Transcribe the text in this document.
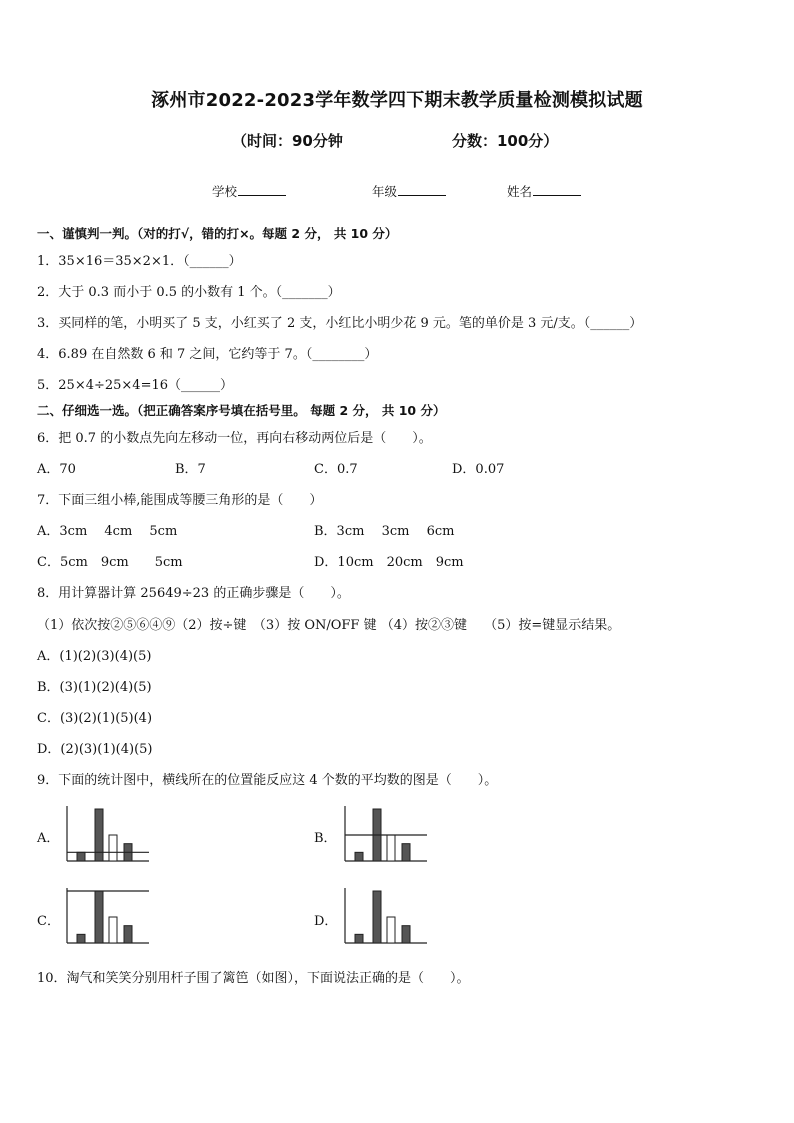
涿州市2022-2023学年数学四下期末教学质量检测模拟试题
（时间：90分钟	分数：100分）
学校	年级	姓名
一、谨慎判一判。（对的打√，错的打×。每题 2 分， 共 10 分）
1．35×16＝35×2×1．（______）
2．大于 0.3 而小于 0.5 的小数有 1 个。（_______）
3．买同样的笔，小明买了 5 支，小红买了 2 支，小红比小明少花 9 元。笔的单价是 3 元/支。（______）
4．6.89 在自然数 6 和 7 之间，它约等于 7。（________）
5．25×4÷25×4=16（______）
二、仔细选一选。（把正确答案序号填在括号里。 每题 2 分， 共 10 分）
6．把 0.7 的小数点先向左移动一位，再向右移动两位后是（　　）。
A．70	B．7	C．0.7	D．0.07
7．下面三组小棒,能围成等腰三角形的是（　　）
A．3cm　 4cm　 5cm	B．3cm　 3cm　 6cm
C．5cm　9cm　　5cm	D．10cm　20cm　9cm
8．用计算器计算 25649÷23 的正确步骤是（　　）。
（1）依次按②⑤⑥④⑨（2）按÷键　（3）按 ON/OFF 键 （4）按②③键　 （5）按=键显示结果。
A．(1)(2)(3)(4)(5)
B．(3)(1)(2)(4)(5)
C．(3)(2)(1)(5)(4)
D．(2)(3)(1)(4)(5)
9．下面的统计图中，横线所在的位置能反应这 4 个数的平均数的图是（　　）。
A．	B．
C．	D．
10．淘气和笑笑分别用杆子围了篱笆（如图），下面说法正确的是（　　）。
